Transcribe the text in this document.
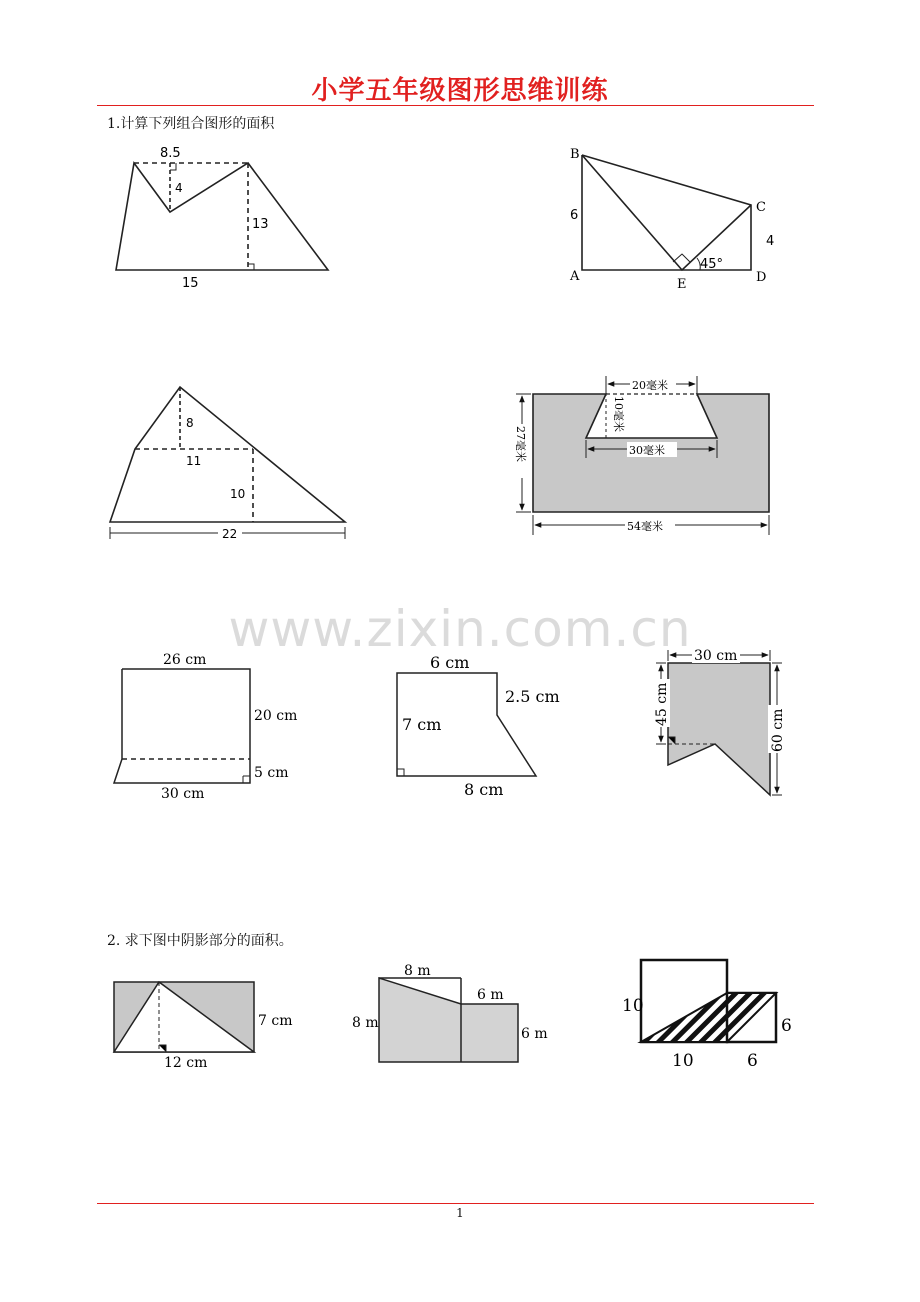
小学五年级图形思维训练
www.zixin.com.cn
1.计算下列组合图形的面积
2. 求下图中阴影部分的面积。
8.5
4
13
15
B
C
A
E	D
6
4
45°
8
11
10
22
20毫米
10毫米
30毫米
27毫米
54毫米
26 cm
20 cm
5 cm
30 cm
6 cm
2.5 cm
7 cm
8 cm
30 cm
45 cm
60 cm
7 cm
12 cm
8 m
6 m
8 m
6 m
10
6
10	6
1
